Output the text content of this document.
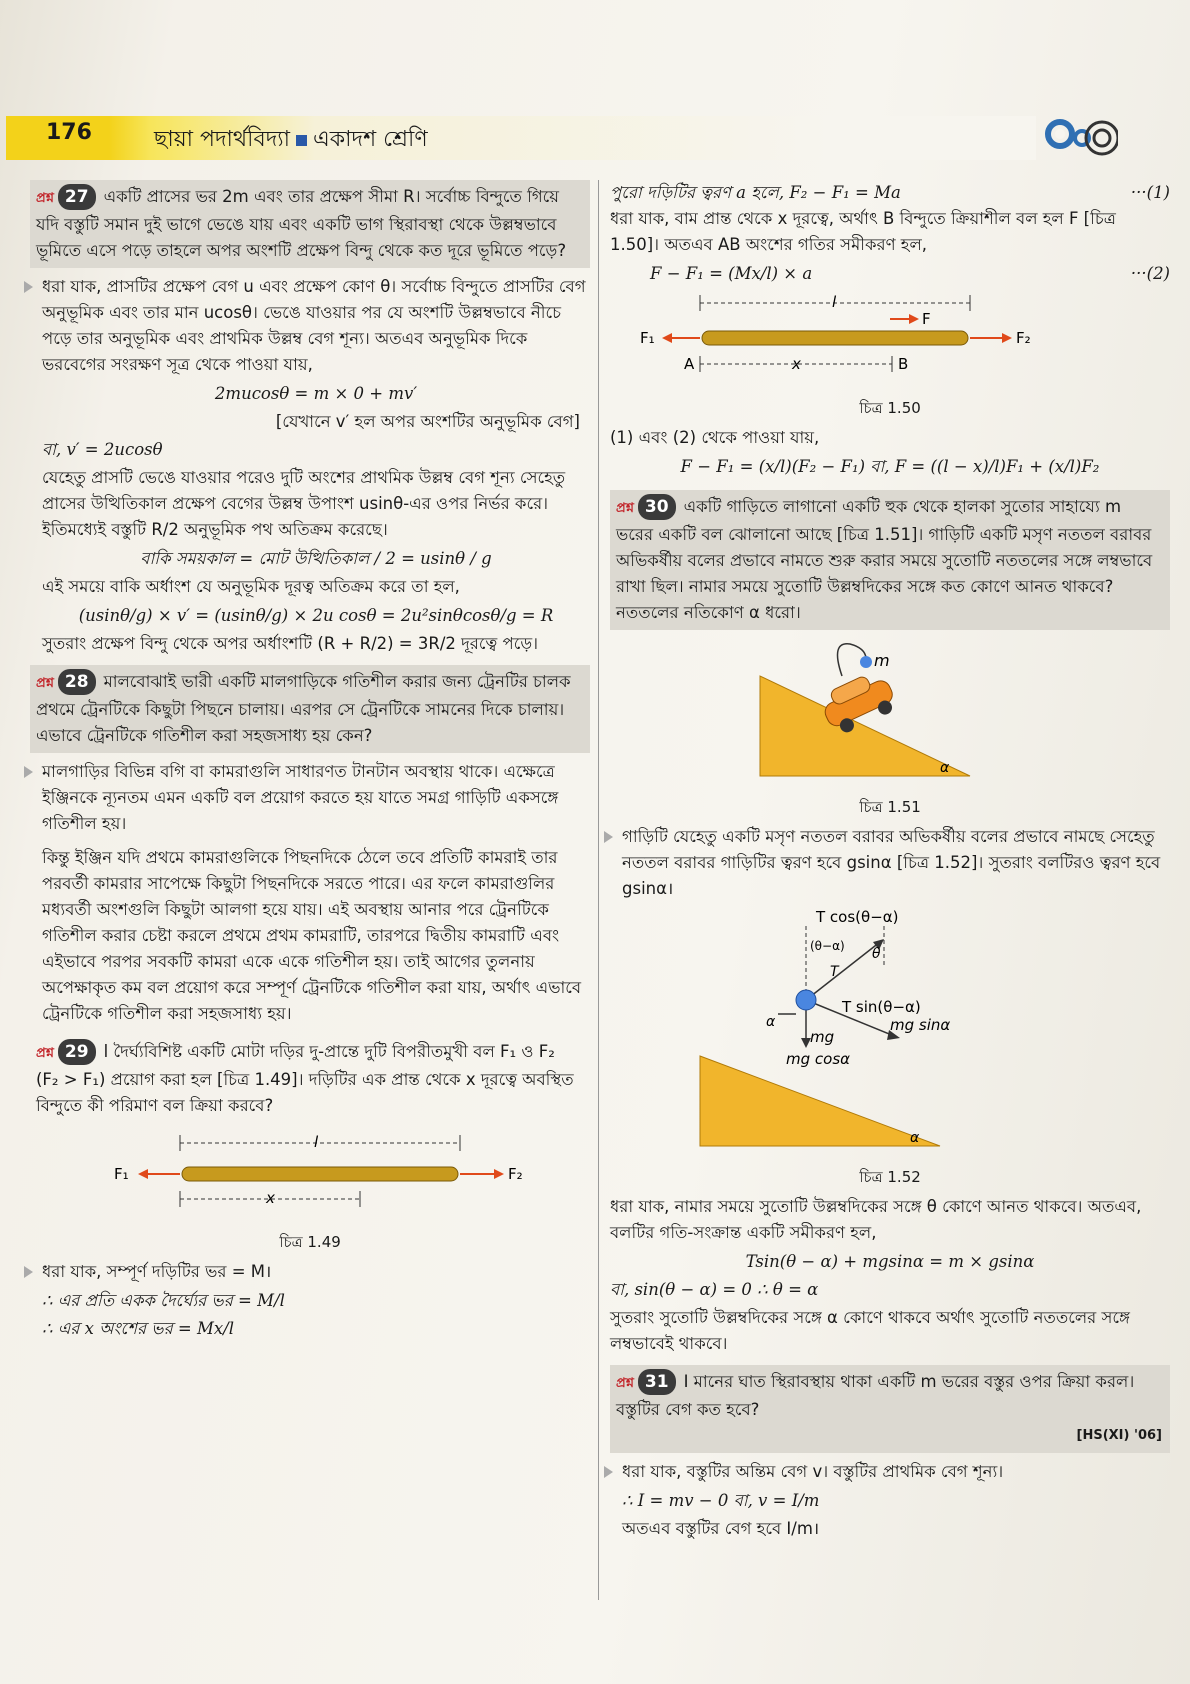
176	ছায়া পদার্থবিদ্যা একাদশ শ্রেণি
প্রশ্ন 27 একটি প্রাসের ভর 2m এবং তার প্রক্ষেপ সীমা R। সর্বোচ্চ বিন্দুতে গিয়ে যদি বস্তুটি সমান দুই ভাগে ভেঙে যায় এবং একটি ভাগ স্থিরাবস্থা থেকে উল্লম্বভাবে ভূমিতে এসে পড়ে তাহলে অপর অংশটি প্রক্ষেপ বিন্দু থেকে কত দূরে ভূমিতে পড়ে?

ধরা যাক, প্রাসটির প্রক্ষেপ বেগ u এবং প্রক্ষেপ কোণ θ। সর্বোচ্চ বিন্দুতে প্রাসটির বেগ অনুভূমিক এবং তার মান ucosθ। ভেঙে যাওয়ার পর যে অংশটি উল্লম্বভাবে নীচে পড়ে তার অনুভূমিক এবং প্রাথমিক উল্লম্ব বেগ শূন্য। অতএব অনুভূমিক দিকে ভরবেগের সংরক্ষণ সূত্র থেকে পাওয়া যায়,

2mucosθ = m × 0 + mv′
[যেখানে v′ হল অপর অংশটির অনুভূমিক বেগ]
বা, v′ = 2ucosθ

যেহেতু প্রাসটি ভেঙে যাওয়ার পরেও দুটি অংশের প্রাথমিক উল্লম্ব বেগ শূন্য সেহেতু প্রাসের উত্থিতিকাল প্রক্ষেপ বেগের উল্লম্ব উপাংশ usinθ-এর ওপর নির্ভর করে। ইতিমধ্যেই বস্তুটি R/2 অনুভূমিক পথ অতিক্রম করেছে।

বাকি সময়কাল = মোট উত্থিতিকাল / 2 = usinθ / g

এই সময়ে বাকি অর্ধাংশ যে অনুভূমিক দূরত্ব অতিক্রম করে তা হল,

(usinθ/g) × v′ = (usinθ/g) × 2u cosθ = 2u²sinθcosθ/g = R

সুতরাং প্রক্ষেপ বিন্দু থেকে অপর অর্ধাংশটি (R + R/2) = 3R/2 দূরত্বে পড়ে।

প্রশ্ন 28 মালবোঝাই ভারী একটি মালগাড়িকে গতিশীল করার জন্য ট্রেনটির চালক প্রথমে ট্রেনটিকে কিছুটা পিছনে চালায়। এরপর সে ট্রেনটিকে সামনের দিকে চালায়। এভাবে ট্রেনটিকে গতিশীল করা সহজসাধ্য হয় কেন?

মালগাড়ির বিভিন্ন বগি বা কামরাগুলি সাধারণত টানটান অবস্থায় থাকে। এক্ষেত্রে ইঞ্জিনকে ন্যূনতম এমন একটি বল প্রয়োগ করতে হয় যাতে সমগ্র গাড়িটি একসঙ্গে গতিশীল হয়।

কিন্তু ইঞ্জিন যদি প্রথমে কামরাগুলিকে পিছনদিকে ঠেলে তবে প্রতিটি কামরাই তার পরবর্তী কামরার সাপেক্ষে কিছুটা পিছনদিকে সরতে পারে। এর ফলে কামরাগুলির মধ্যবর্তী অংশগুলি কিছুটা আলগা হয়ে যায়। এই অবস্থায় আনার পরে ট্রেনটিকে গতিশীল করার চেষ্টা করলে প্রথমে প্রথম কামরাটি, তারপরে দ্বিতীয় কামরাটি এবং এইভাবে পরপর সবকটি কামরা একে একে গতিশীল হয়। তাই আগের তুলনায় অপেক্ষাকৃত কম বল প্রয়োগ করে সম্পূর্ণ ট্রেনটিকে গতিশীল করা যায়, অর্থাৎ এভাবে ট্রেনটিকে গতিশীল করা সহজসাধ্য হয়।

প্রশ্ন 29 l দৈর্ঘ্যবিশিষ্ট একটি মোটা দড়ির দু-প্রান্তে দুটি বিপরীতমুখী বল F₁ ও F₂ (F₂ > F₁) প্রয়োগ করা হল [চিত্র 1.49]। দড়িটির এক প্রান্ত থেকে x দূরত্বে অবস্থিত বিন্দুতে কী পরিমাণ বল ক্রিয়া করবে?
l
F₁	F₂
x
চিত্র 1.49

ধরা যাক, সম্পূর্ণ দড়িটির ভর = M।

∴ এর প্রতি একক দৈর্ঘ্যের ভর = M/l
∴ এর x অংশের ভর = Mx/l
পুরো দড়িটির ত্বরণ a হলে, F₂ − F₁ = Ma	···(1)

ধরা যাক, বাম প্রান্ত থেকে x দূরত্বে, অর্থাৎ B বিন্দুতে ক্রিয়াশীল বল হল F [চিত্র 1.50]। অতএব AB অংশের গতির সমীকরণ হল,

F − F₁ = (Mx/l) × a	···(2)
l
F
F₁	F₂
A	x	B
চিত্র 1.50

(1) এবং (2) থেকে পাওয়া যায়,

F − F₁ = (x/l)(F₂ − F₁) বা, F = ((l − x)/l)F₁ + (x/l)F₂
প্রশ্ন 30 একটি গাড়িতে লাগানো একটি হুক থেকে হালকা সুতোর সাহায্যে m ভরের একটি বল ঝোলানো আছে [চিত্র 1.51]। গাড়িটি একটি মসৃণ নততল বরাবর অভিকর্ষীয় বলের প্রভাবে নামতে শুরু করার সময়ে সুতোটি নততলের সঙ্গে লম্বভাবে রাখা ছিল। নামার সময়ে সুতোটি উল্লম্বদিকের সঙ্গে কত কোণে আনত থাকবে? নততলের নতিকোণ α ধরো।
m
α
চিত্র 1.51

গাড়িটি যেহেতু একটি মসৃণ নততল বরাবর অভিকর্ষীয় বলের প্রভাবে নামছে সেহেতু নততল বরাবর গাড়িটির ত্বরণ হবে gsinα [চিত্র 1.52]। সুতরাং বলটিরও ত্বরণ হবে gsinα।

α
T cos(θ−α)
T
θ
(θ−α)
T sin(θ−α)
mg sinα
α
mg
mg cosα
চিত্র 1.52

ধরা যাক, নামার সময়ে সুতোটি উল্লম্বদিকের সঙ্গে θ কোণে আনত থাকবে। অতএব, বলটির গতি-সংক্রান্ত একটি সমীকরণ হল,

Tsin(θ − α) + mgsinα = m × gsinα
বা, sin(θ − α) = 0 ∴ θ = α

সুতরাং সুতোটি উল্লম্বদিকের সঙ্গে α কোণে থাকবে অর্থাৎ সুতোটি নততলের সঙ্গে লম্বভাবেই থাকবে।

প্রশ্ন 31 I মানের ঘাত স্থিরাবস্থায় থাকা একটি m ভরের বস্তুর ওপর ক্রিয়া করল। বস্তুটির বেগ কত হবে?
[HS(XI) '06]

ধরা যাক, বস্তুটির অন্তিম বেগ v। বস্তুটির প্রাথমিক বেগ শূন্য।

∴ I = mv − 0 বা, v = I/m

অতএব বস্তুটির বেগ হবে I/m।
